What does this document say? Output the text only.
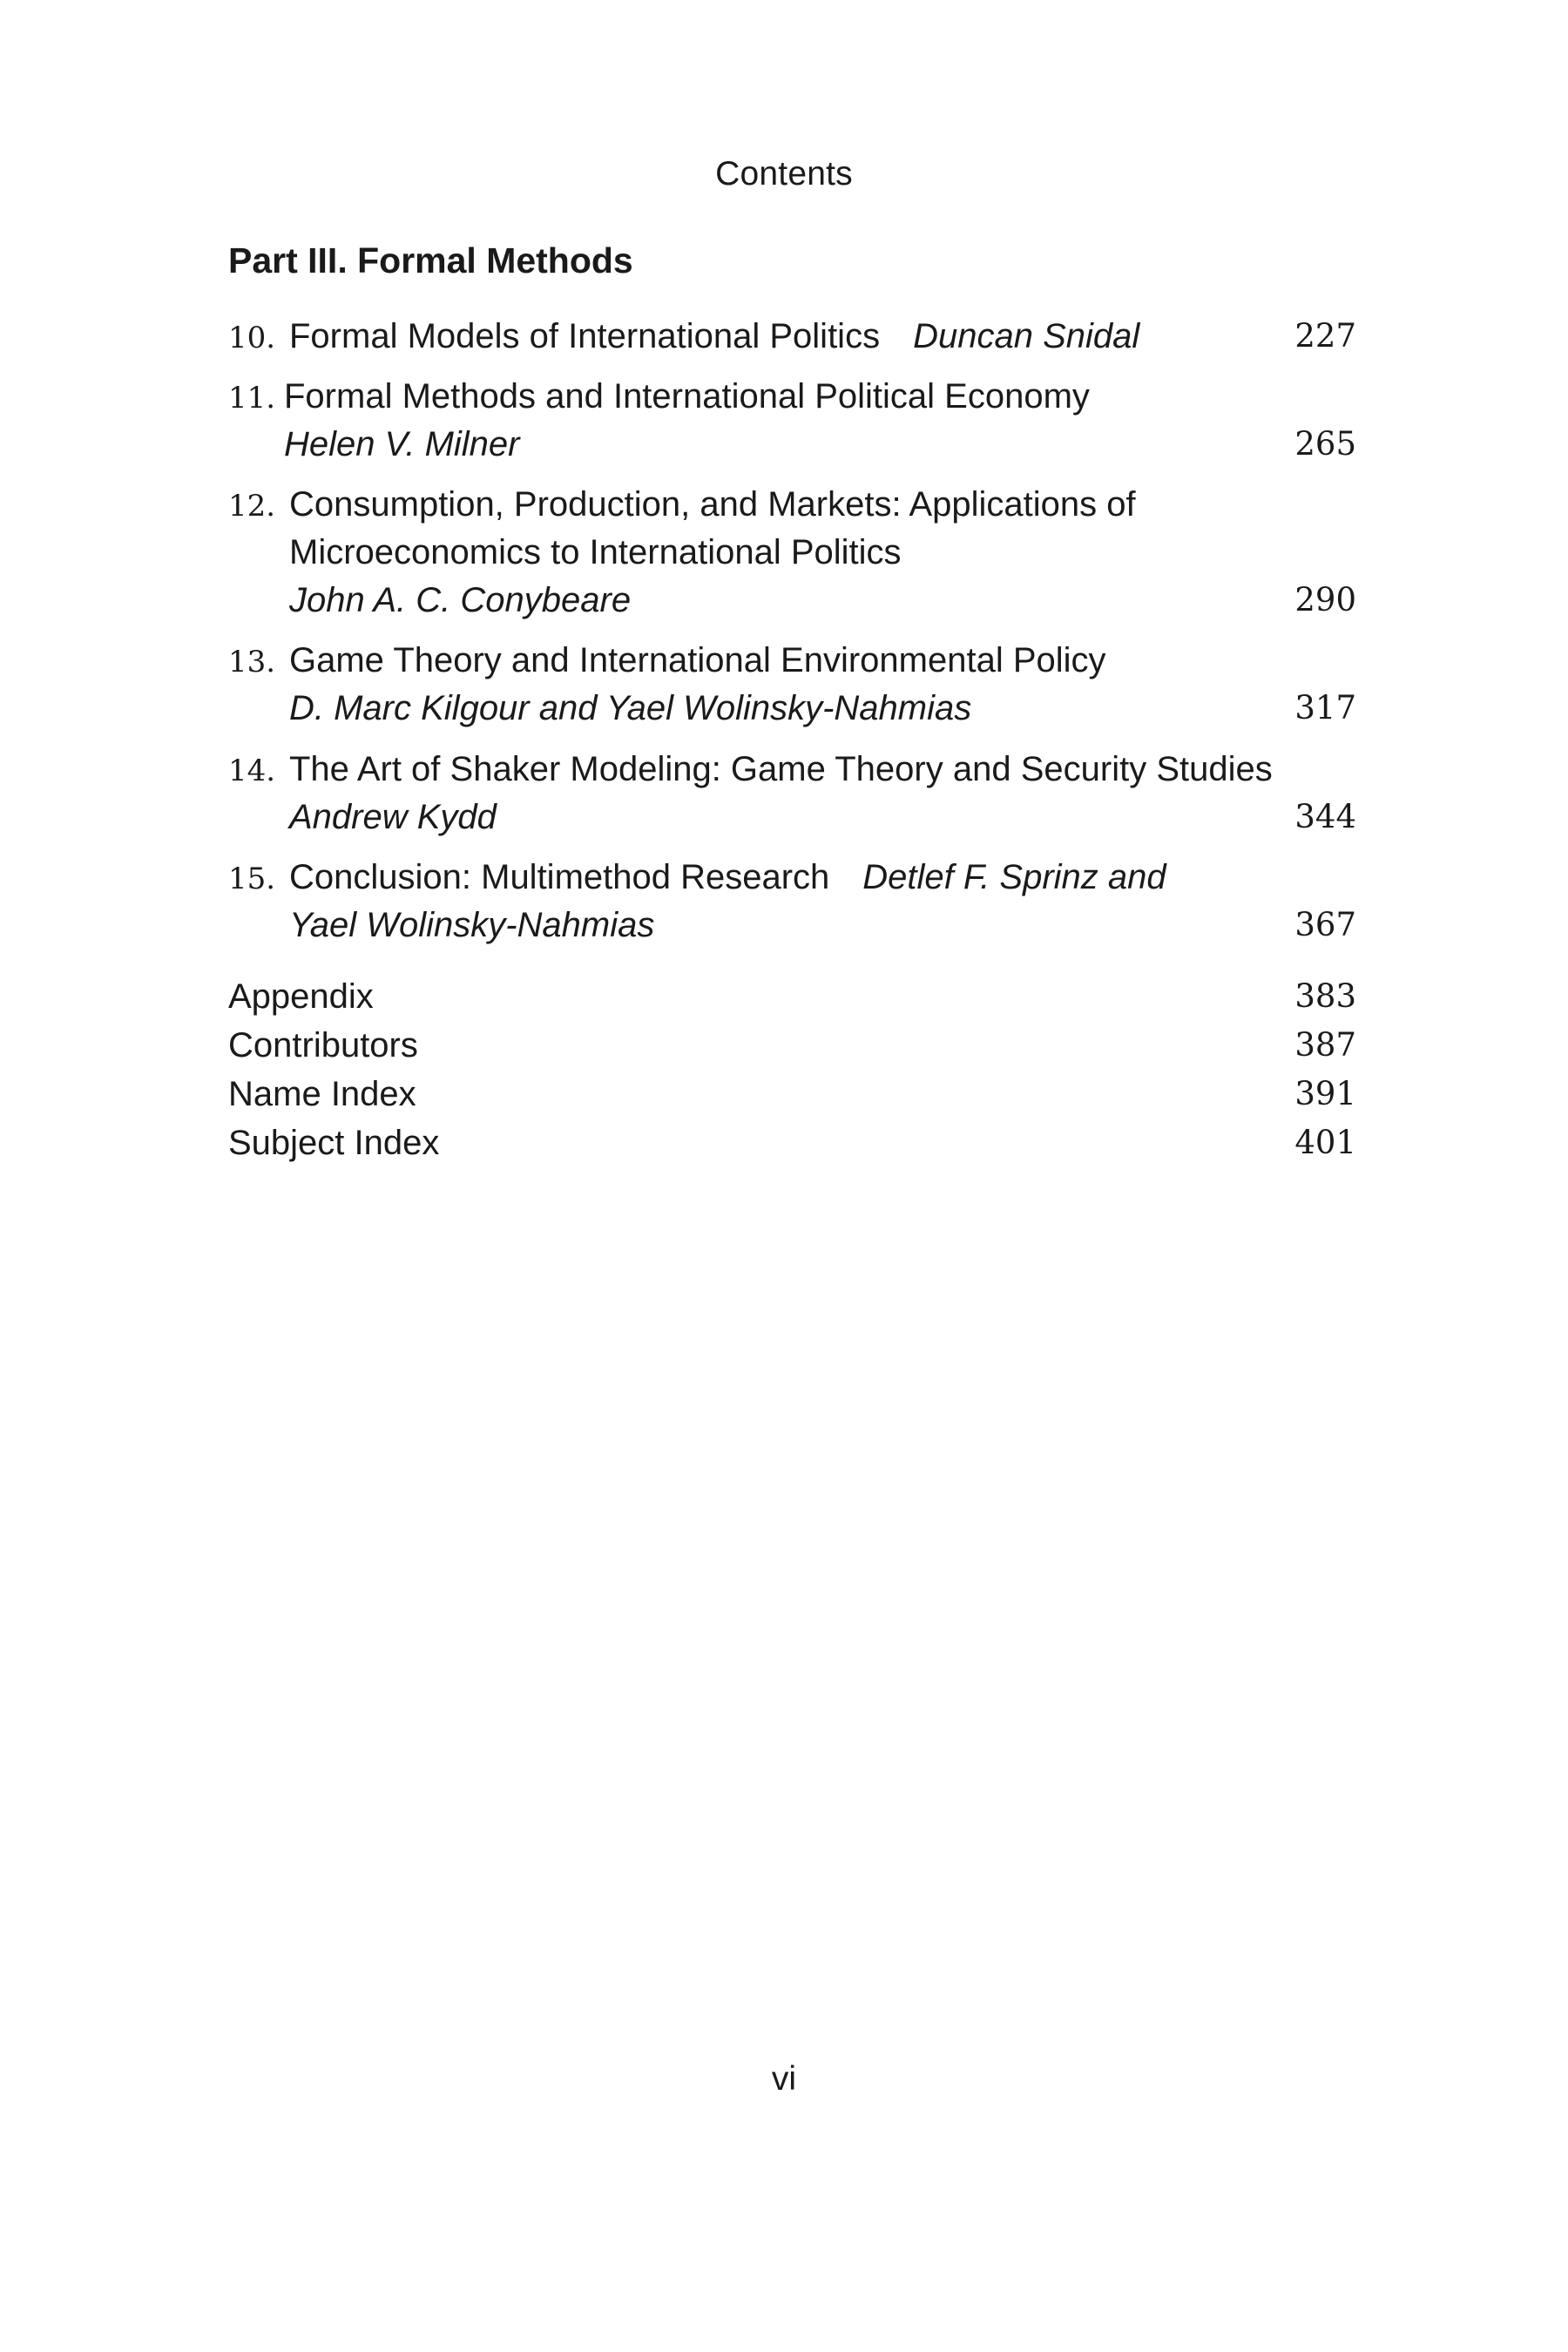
Contents
Part III. Formal Methods
10. Formal Models of International Politics Duncan Snidal	227
11. Formal Methods and International Political Economy
Helen V. Milner	265
12. Consumption, Production, and Markets: Applications of
Microeconomics to International Politics
John A. C. Conybeare	290
13. Game Theory and International Environmental Policy
D. Marc Kilgour and Yael Wolinsky-Nahmias	317
14. The Art of Shaker Modeling: Game Theory and Security Studies
Andrew Kydd	344
15. Conclusion: Multimethod Research Detlef F. Sprinz and
Yael Wolinsky-Nahmias	367
Appendix	383
Contributors	387
Name Index	391
Subject Index	401
vi
